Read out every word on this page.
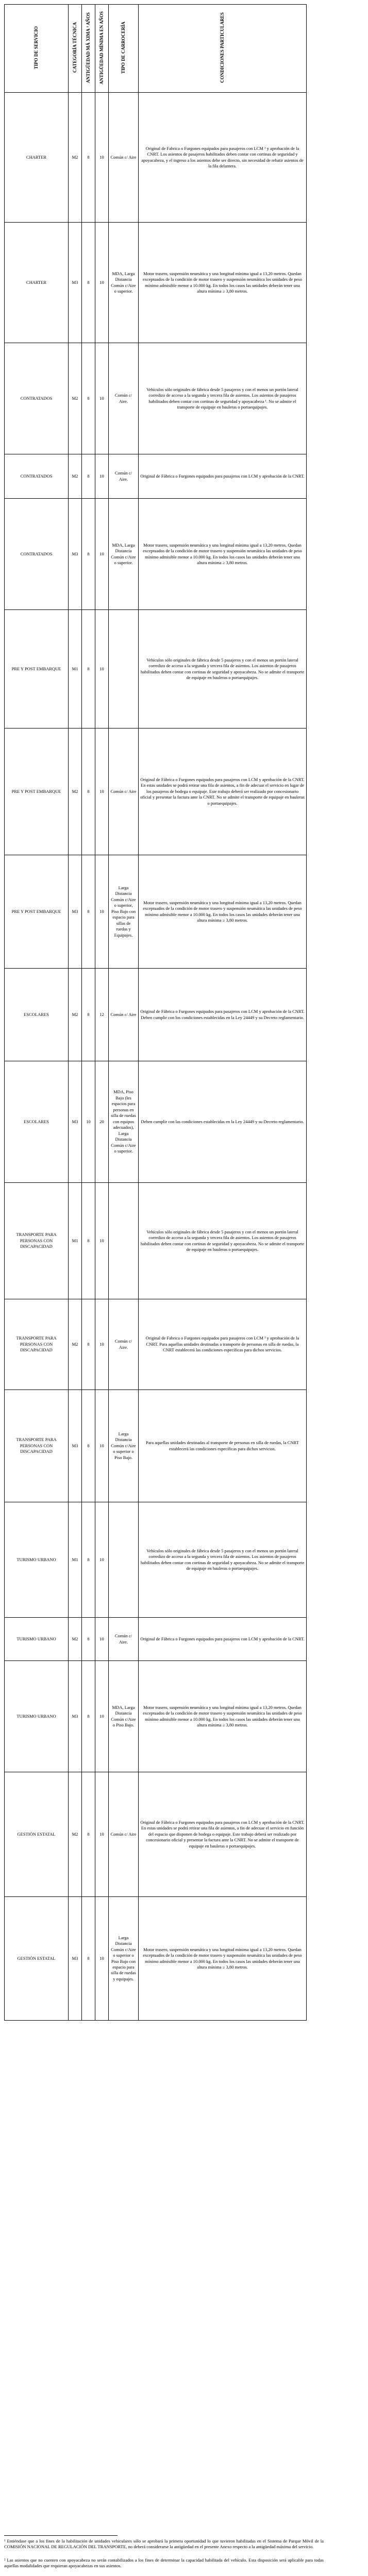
TIPO DE SERVICIO	CATEGORÍA TÉCNICA	ANTIGÜEDAD MÁ XIMA ³ AÑOS	ANTIGÜEDAD MÍNIMA EN AÑOS	TIPO DE CARROCERÍA	CONDICIONES PARTICULARES
CHARTER	M2	8	10	Común c/ Aire	Original de Fabrica o Furgones equipados para pasajeros con LCM ¹ y aprobación de la CNRT. Los asientos de pasajeros habilitados deben contar con cortinas de seguridad y apoyacabeza, y el ingreso a los asientos debe ser directo, sin necesidad de rebatir asientos de la fila delantera.
CHARTER	M3	8	10	MDA, Larga Distancia Común c/Aire o superior.	Motor trasero, suspensión neumática y una longitud mínima igual a 13,20 metros. Quedan exceptuados de la condición de motor trasero y suspensión neumática los unidades de peso mínimo admisible menor a 10.000 kg. En todos los casos las unidades deberán tener una altura mínima ≥ 3,80 metros.
CONTRATADOS	M2	8	10	Común c/ Aire.	Vehículos sólo originales de fábrica desde 5 pasajeros y con el menos un portón lateral corredizo de acceso a la segunda y tercera fila de asientos. Los asientos de pasajeros habilitados deben contar con cortinas de seguridad y apoyacabeza ¹. No se admite el transporte de equipaje en bauleras o portaequipajes.
CONTRATADOS	M2	8	10	Común c/ Aire.	Original de Fábrica o Furgones equipados para pasajeros con LCM y aprobación de la CNRT.
CONTRATADOS	M3	8	10	MDA, Larga Distancia Común c/Aire o superior.	Motor trasero, suspensión neumática y una longitud mínima igual a 13,20 metros. Quedan exceptuados de la condición de motor trasero y suspensión neumática las unidades de peso mínimo admisible menor a 10.000 kg. En todos los casos las unidades deberán tener una altura mínima ≥ 3,80 metros.
PRE Y POST EMBARQUE	M1	8	10		Vehículos sólo originales de fábrica desde 5 pasajeros y con el menos un portón lateral corredizo de acceso a la segunda y tercera fila de asientos. Los asientos de pasajeros habilitados deben contar con cortinas de seguridad y apoyacabeza. No se admite el transporte de equipaje en bauleras o portaequipajes.
PRE Y POST EMBARQUE	M2	8	10	Común c/ Aire	Original de Fábrica o Furgones equipados para pasajeros con LCM y aprobación de la CNRT. En estas unidades se podrá retirar una fila de asientos, a fin de adecuar el servicio en lugar de los pasajeros de bodega o equipaje. Este trabajo deberá ser realizado por concesionario oficial y presentar la factura ante la CNRT. No se admite el transporte de equipaje en bauleras o portaequipajes.
PRE Y POST EMBARQUE	M3	8	10	Larga Distancia Común c/Aire o superior, Piso Bajo con espacio para sillas de ruedas y Equipajes.	Motor trasero, suspensión neumática y una longitud mínima igual a 13,20 metros. Quedan exceptuados de la condición de motor trasero y suspensión neumática las unidades de peso mínimo admisible menor a 10.000 kg. En todos los casos las unidades deberán tener una altura mínima ≥ 3,80 metros.
ESCOLARES	M2	8	12	Común c/ Aire	Original de Fábrica o Furgones equipados para pasajeros con LCM y aprobación de la CNRT. Deben cumplir con los condiciones establecidas en la Ley 24449 y su Decreto reglamentario.
ESCOLARES	M3	10	20	MDA, Piso Bajo (les espacios para personas en silla de ruedas con equipos adecuados), Larga Distancia Común c/Aire o superior.	Deben cumplir con las condiciones establecidas en la Ley 24449 y su Decreto reglamentario.
TRANSPORTE PARA PERSONAS CON DISCAPACIDAD	M1	8	10		Vehículos sólo originales de fábrica desde 5 pasajeros y con el menos un portón lateral corredizo de acceso a la segunda y tercera fila de asientos. Los asientos de pasajeros habilitados deben contar con cortinas de seguridad y apoyacabeza. No se admite el transporte de equipaje en bauleras o portaequipajes.
TRANSPORTE PARA PERSONAS CON DISCAPACIDAD	M2	8	10	Común c/ Aire.	Original de Fabrica o Furgones equipados para pasajeros con LCM ¹ y aprobación de la CNRT. Para aquellas unidades destinadas a transporte de personas en silla de ruedas, la CNRT establecerá las condiciones específicas para dichos servicios.
TRANSPORTE PARA PERSONAS CON DISCAPACIDAD	M3	8	10	Larga Distancia Común c/Aire o superior o Piso Bajo.	Para aquellas unidades destinadas al transporte de personas en silla de ruedas, la CNRT establecerá las condiciones específicas para dichos servicios.
TURISMO URBANO	M1	8	10		Vehículos sólo originales de fábrica desde 5 pasajeros y con el menos un portón lateral corredizo de acceso a la segunda y tercera fila de asientos. Los asientos de pasajeros habilitados deben contar con cortinas de seguridad y apoyacabeza. No se admite el transporte de equipaje en bauleras o portaequipajes.
TURISMO URBANO	M2	8	10	Común c/ Aire.	Original de Fábrica o Furgones equipados para pasajeros con LCM y aprobación de la CNRT.
TURISMO URBANO	M3	8	10	MDA, Larga Distancia Común c/Aire o Piso Bajo.	Motor trasero, suspensión neumática y una longitud mínima igual a 13,20 metros. Quedan exceptuados de la condición de motor trasero y suspensión neumática las unidades de peso mínimo admisible menor a 10.000 kg. En todos los casos las unidades deberán tener una altura mínima ≥ 3,80 metros.
GESTIÓN ESTATAL	M2	8	10	Común c/ Aire	Original de Fábrica o Furgones equipados para pasajeros con LCM y aprobación de la CNRT. En estas unidades se podrá retirar una fila de asientos, a fin de adecuar el servicio en función del espacio que disponen de bodega o equipaje. Este trabajo deberá ser realizado por concesionario oficial y presentar la factura ante la CNRT. No se admite el transporte de equipaje en bauleras o portaequipajes.
GESTIÓN ESTATAL	M3	8	10	Larga Distancia Común c/Aire o superior o Piso Bajo con espacio para silla de ruedas y equipajes.	Motor trasero, suspensión neumática y una longitud mínima igual a 13,20 metros. Quedan exceptuados de la condición de motor trasero y suspensión neumática las unidades de peso mínimo admisible menor a 10.000 kg. En todos los casos las unidades deberán tener una altura mínima ≥ 3,80 metros.
¹ Entiéndase que a los fines de la habilitación de unidades vehiculares sólo se aprobará la primera oportunidad lo que tuvieron habilitadas en el Sistema de Parque Móvil de la COMISIÓN NACIONAL DE REGULACIÓN DEL TRANSPORTE, no deberá considerarse la antigüedad en el presente Anexo respecto a la antigüedad máxima del servicio.
² Las asientos que no cuenten con apoyacabeza no serán contabilizados a los fines de determinar la capacidad habilitada del vehículo. Esta disposición será aplicable para todas aquellas modalidades que requieran apoyacabezas en sus asientos.
